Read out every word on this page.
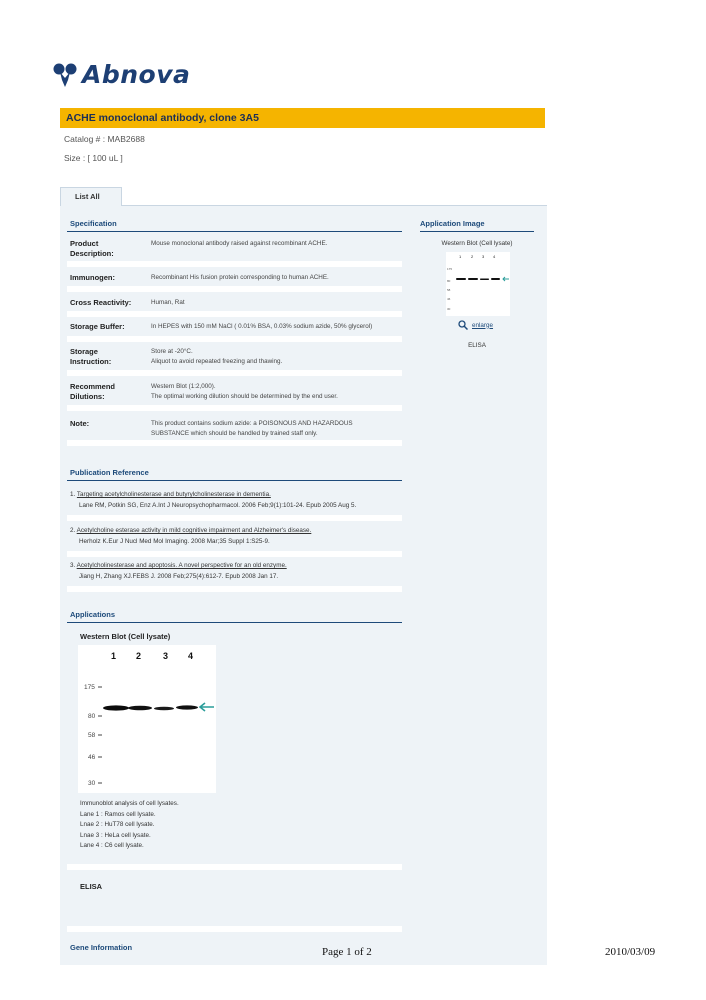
Abnova
ACHE monoclonal antibody, clone 3A5
Catalog # : MAB2688
Size : [ 100 uL ]
List All
Specification
Product Description:
Mouse monoclonal antibody raised against recombinant ACHE.
Immunogen:	Recombinant His fusion protein corresponding to human ACHE.
Cross Reactivity:	Human, Rat
Storage Buffer:	In HEPES with 150 mM NaCl ( 0.01% BSA, 0.03% sodium azide, 50% glycerol)
Storage Instruction:
Store at -20°C.
Aliquot to avoid repeated freezing and thawing.
Recommend Dilutions:
Western Blot (1:2,000).
The optimal working dilution should be determined by the end user.
Note:	This product contains sodium azide: a POISONOUS AND HAZARDOUS SUBSTANCE which should be handled by trained staff only.
Application Image
Western Blot (Cell lysate)
1 2 3 4
175
80
58
46
30
enlarge
ELISA
Publication Reference
1. Targeting acetylcholinesterase and butyrylcholinesterase in dementia.
Lane RM, Potkin SG, Enz A.Int J Neuropsychopharmacol. 2006 Feb;9(1):101-24. Epub 2005 Aug 5.
2. Acetylcholine esterase activity in mild cognitive impairment and Alzheimer's disease.
Herholz K.Eur J Nucl Med Mol Imaging. 2008 Mar;35 Suppl 1:S25-9.
3. Acetylcholinesterase and apoptosis. A novel perspective for an old enzyme.
Jiang H, Zhang XJ.FEBS J. 2008 Feb;275(4):612-7. Epub 2008 Jan 17.
Applications
Western Blot (Cell lysate)
1 2 3 4
175
80
58
46
30
Immunoblot analysis of cell lysates.
Lane 1 : Ramos cell lysate.
Lnae 2 : HuT78 cell lysate.
Lnae 3 : HeLa cell lysate.
Lane 4 : C6 cell lysate.
ELISA
Gene Information	Page 1 of 2	2010/03/09
